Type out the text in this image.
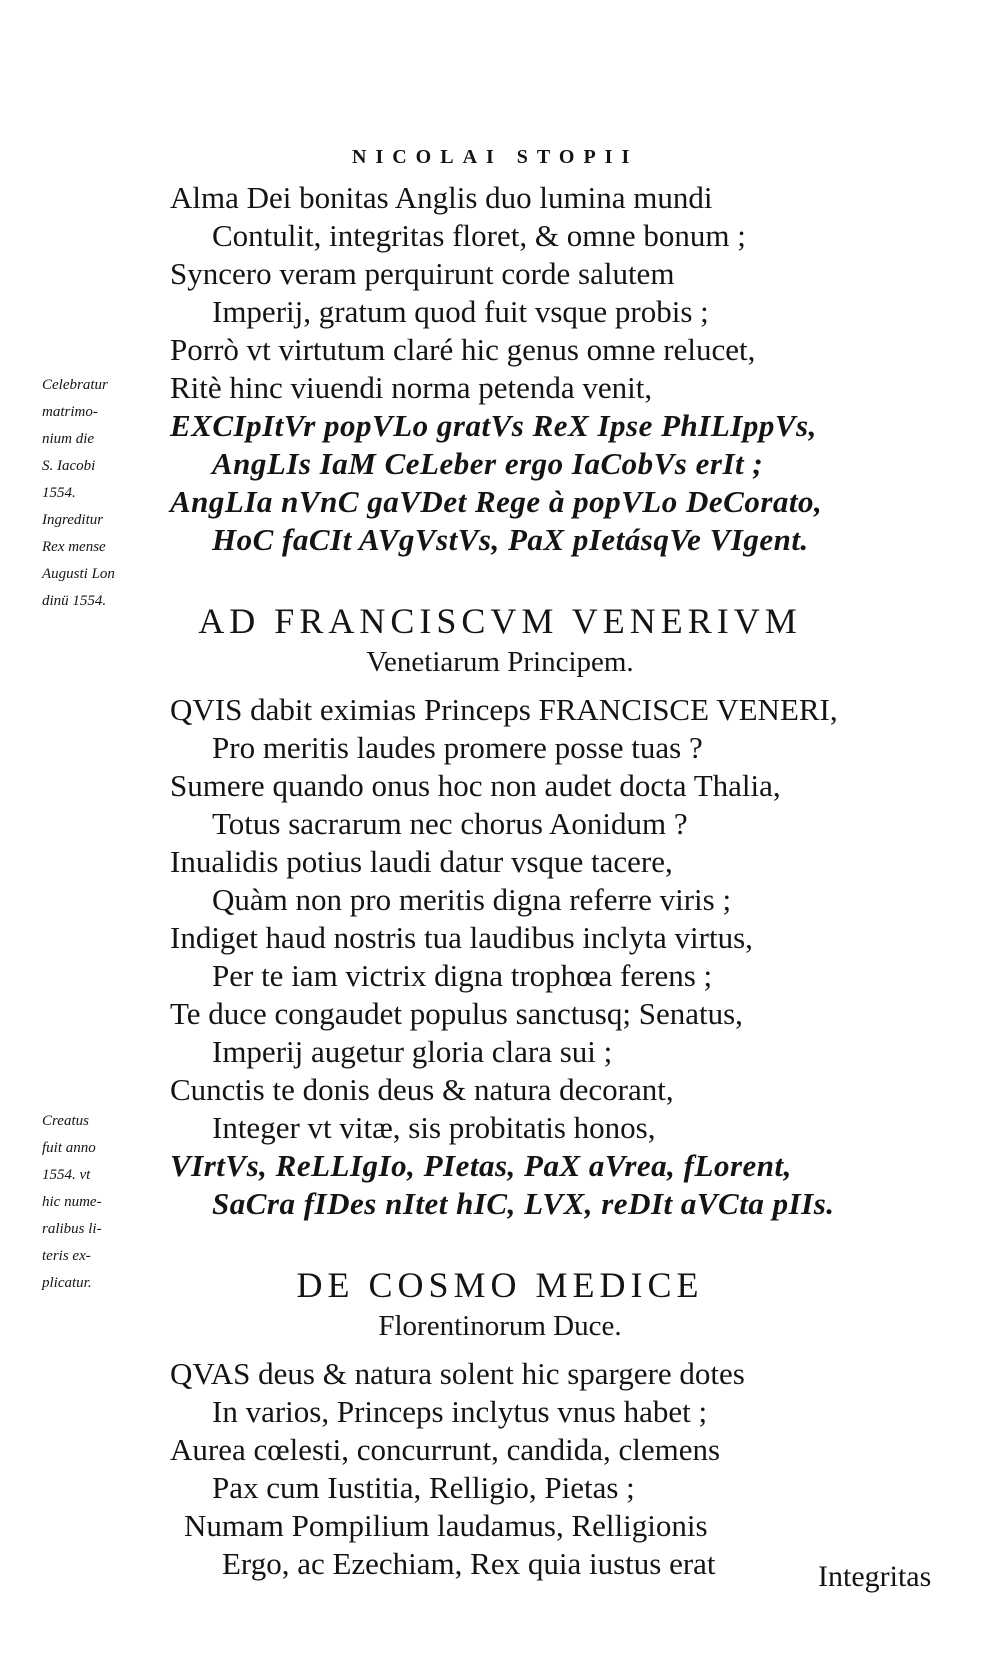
NICOLAI STOPII
Alma Dei bonitas Anglis duo lumina mundi
Contulit, integritas floret, & omne bonum ;
Syncero veram perquirunt corde salutem
Imperij, gratum quod fuit vsque probis ;
Porrò vt virtutum claré hic genus omne relucet,
Ritè hinc viuendi norma petenda venit,
EXCIpItVr popVLo gratVs ReX Ipse PhILIppVs,
AngLIs IaM CeLeber ergo IaCobVs erIt ;
AngLIa nVnC gaVDet Rege à popVLo DeCorato,
HoC faCIt AVgVstVs, PaX pIetásqVe VIgent.
Celebratur
matrimo-
nium die
S. Iacobi
1554.
Ingreditur
Rex mense
Augusti Lon
dinü 1554.	AD FRANCISCVM VENERIVM
Venetiarum Principem.
QVIS dabit eximias Princeps FRANCISCE VENERI,
Pro meritis laudes promere posse tuas ?
Sumere quando onus hoc non audet docta Thalia,
Totus sacrarum nec chorus Aonidum ?
Inualidis potius laudi datur vsque tacere,
Quàm non pro meritis digna referre viris ;
Indiget haud nostris tua laudibus inclyta virtus,
Per te iam victrix digna trophœa ferens ;
Te duce congaudet populus sanctusq; Senatus,
Imperij augetur gloria clara sui ;
Cunctis te donis deus & natura decorant,
Integer vt vitæ, sis probitatis honos,
VIrtVs, ReLLIgIo, PIetas, PaX aVrea, fLorent,
SaCra fIDes nItet hIC, LVX, reDIt aVCta pIIs.
Creatus
fuit anno
1554. vt
hic nume-
ralibus li-
teris ex-
plicatur.	DE COSMO MEDICE
Florentinorum Duce.
QVAS deus & natura solent hic spargere dotes
In varios, Princeps inclytus vnus habet ;
Aurea cœlesti, concurrunt, candida, clemens
Pax cum Iustitia, Relligio, Pietas ;
Numam Pompilium laudamus, Relligionis
Ergo, ac Ezechiam, Rex quia iustus erat	Integritas
